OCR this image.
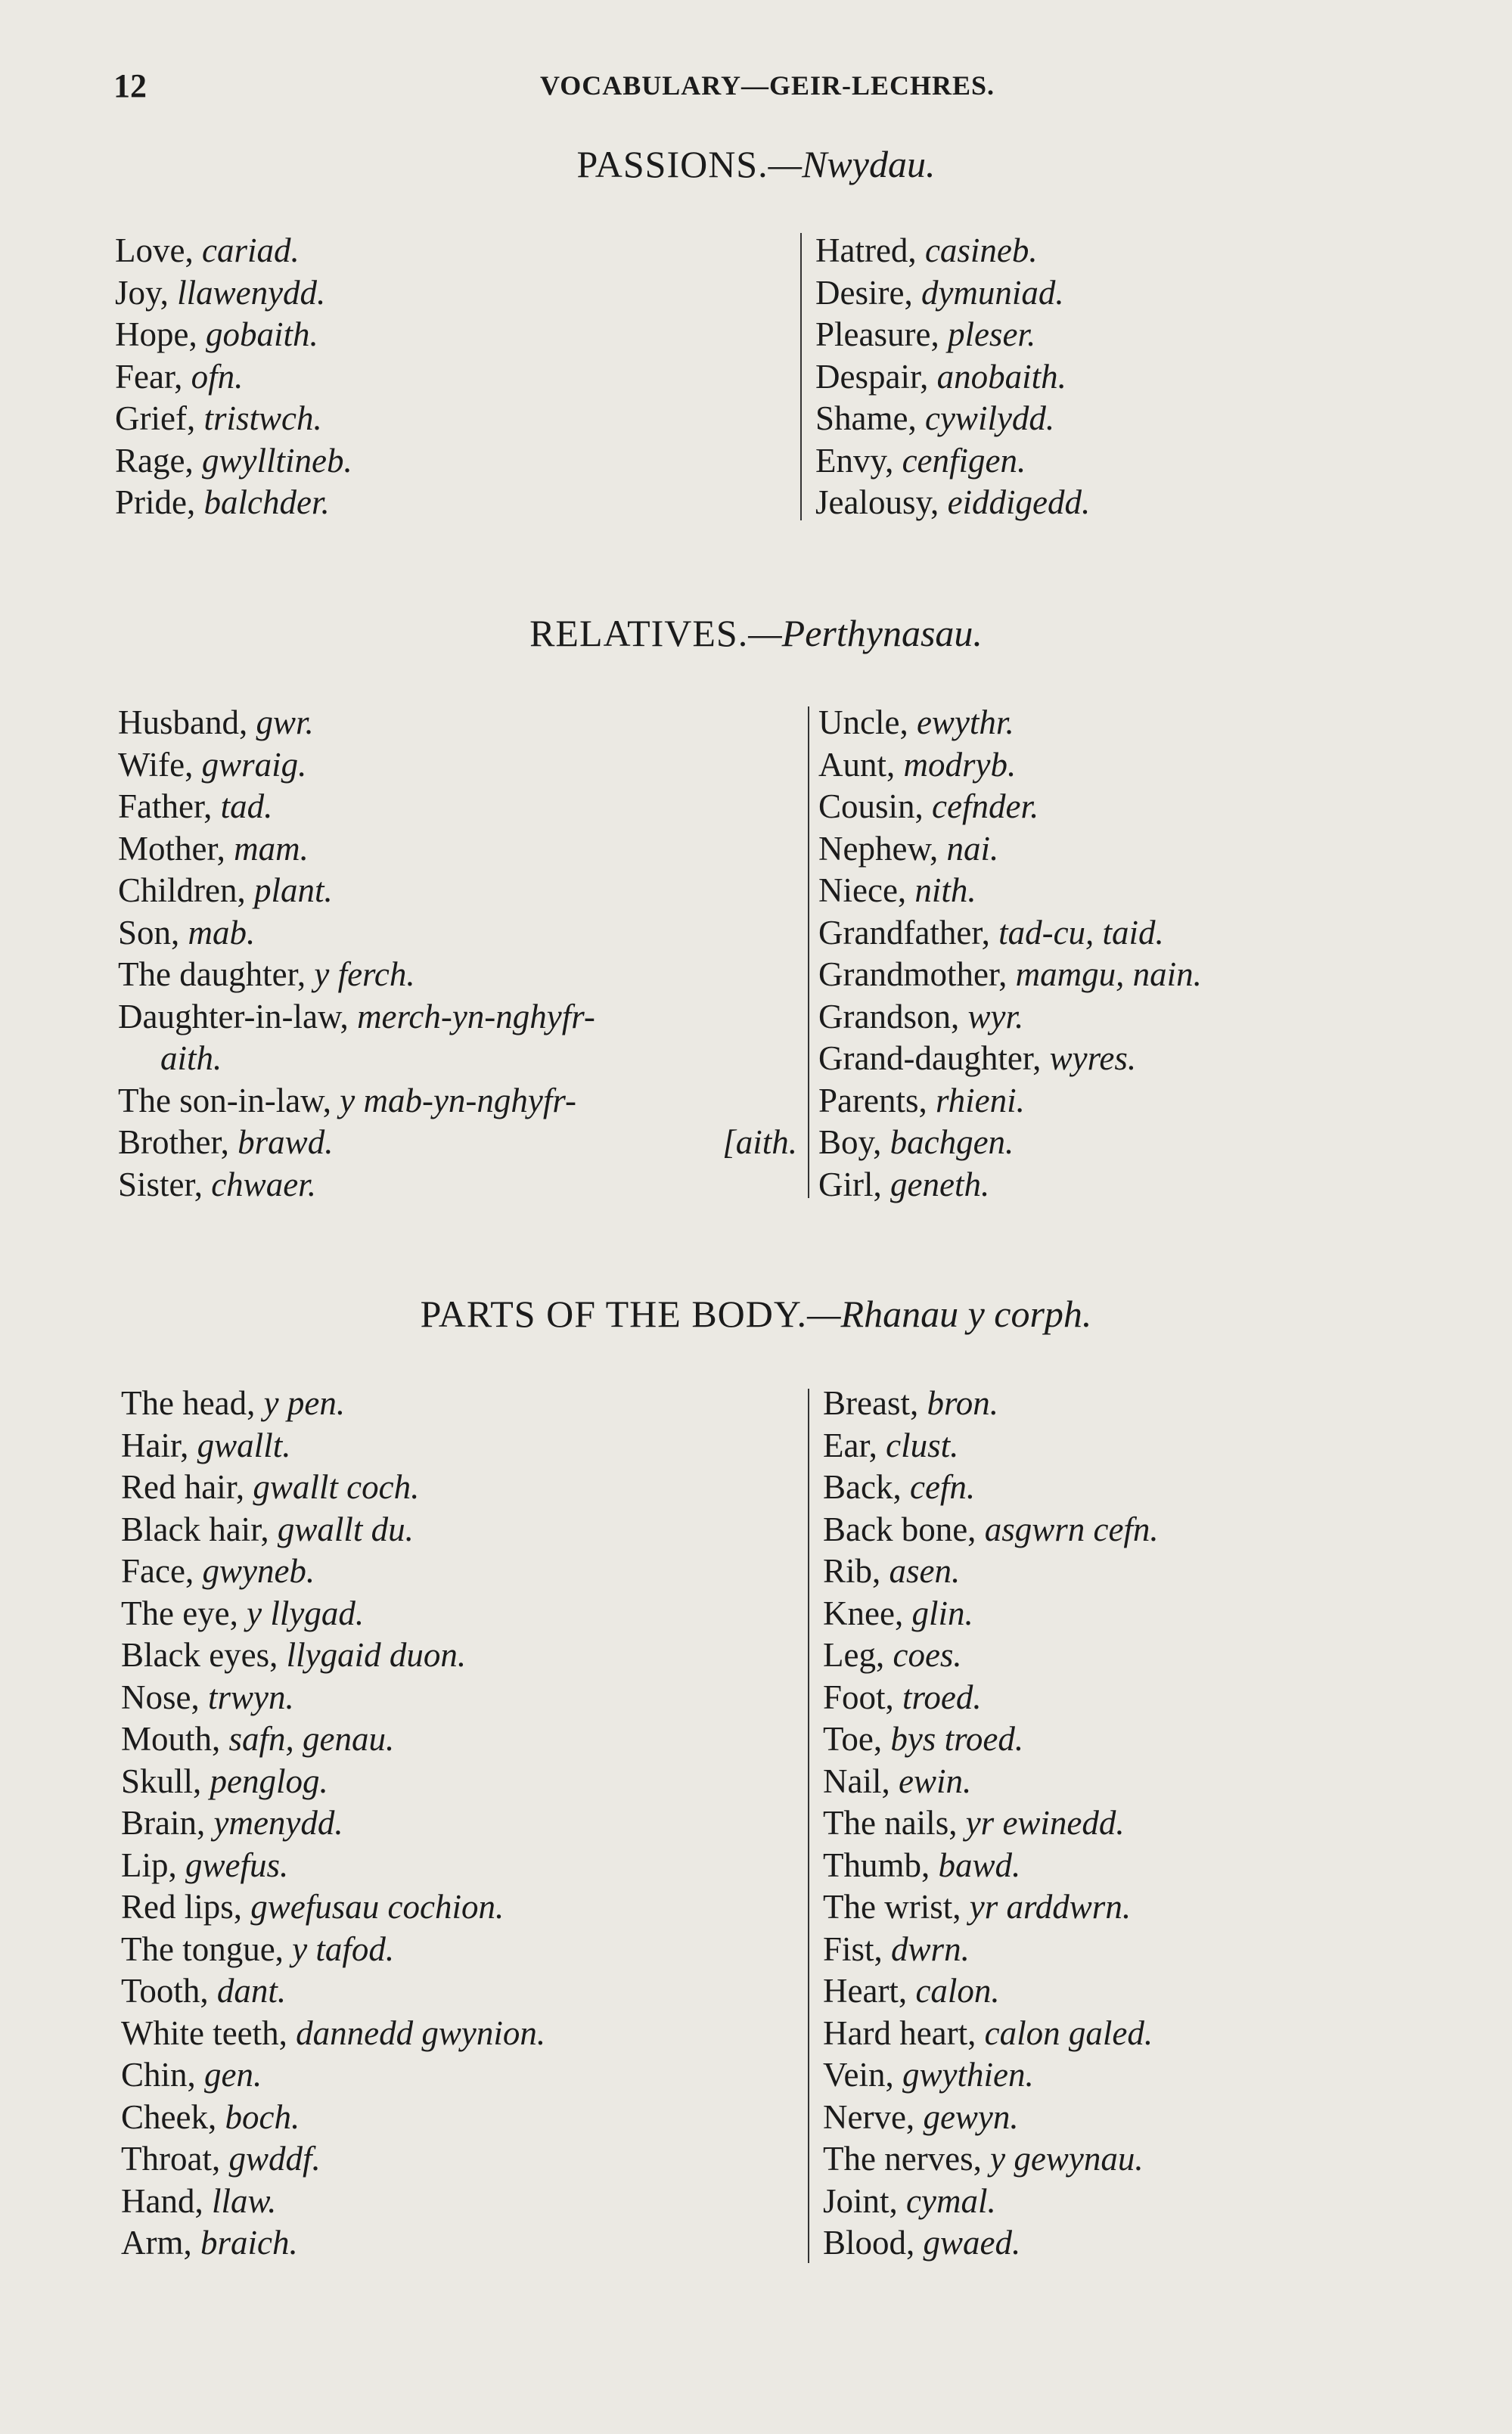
12	VOCABULARY—GEIR-LECHRES.
PASSIONS.—Nwydau.
Love, cariad.
Joy, llawenydd.
Hope, gobaith.
Fear, ofn.
Grief, tristwch.
Rage, gwylltineb.
Pride, balchder.
Hatred, casineb.
Desire, dymuniad.
Pleasure, pleser.
Despair, anobaith.
Shame, cywilydd.
Envy, cenfigen.
Jealousy, eiddigedd.
RELATIVES.—Perthynasau.
Husband, gwr.
Wife, gwraig.
Father, tad.
Mother, mam.
Children, plant.
Son, mab.
The daughter, y ferch.
Daughter-in-law, merch-yn-nghyfr-
aith.
The son-in-law, y mab-yn-nghyfr-
Brother, brawd.	[aith.
Sister, chwaer.
Uncle, ewythr.
Aunt, modryb.
Cousin, cefnder.
Nephew, nai.
Niece, nith.
Grandfather, tad-cu, taid.
Grandmother, mamgu, nain.
Grandson, wyr.
Grand-daughter, wyres.
Parents, rhieni.
Boy, bachgen.
Girl, geneth.
PARTS OF THE BODY.—Rhanau y corph.
The head, y pen.
Hair, gwallt.
Red hair, gwallt coch.
Black hair, gwallt du.
Face, gwyneb.
The eye, y llygad.
Black eyes, llygaid duon.
Nose, trwyn.
Mouth, safn, genau.
Skull, penglog.
Brain, ymenydd.
Lip, gwefus.
Red lips, gwefusau cochion.
The tongue, y tafod.
Tooth, dant.
White teeth, dannedd gwynion.
Chin, gen.
Cheek, boch.
Throat, gwddf.
Hand, llaw.
Arm, braich.
Breast, bron.
Ear, clust.
Back, cefn.
Back bone, asgwrn cefn.
Rib, asen.
Knee, glin.
Leg, coes.
Foot, troed.
Toe, bys troed.
Nail, ewin.
The nails, yr ewinedd.
Thumb, bawd.
The wrist, yr arddwrn.
Fist, dwrn.
Heart, calon.
Hard heart, calon galed.
Vein, gwythien.
Nerve, gewyn.
The nerves, y gewynau.
Joint, cymal.
Blood, gwaed.
